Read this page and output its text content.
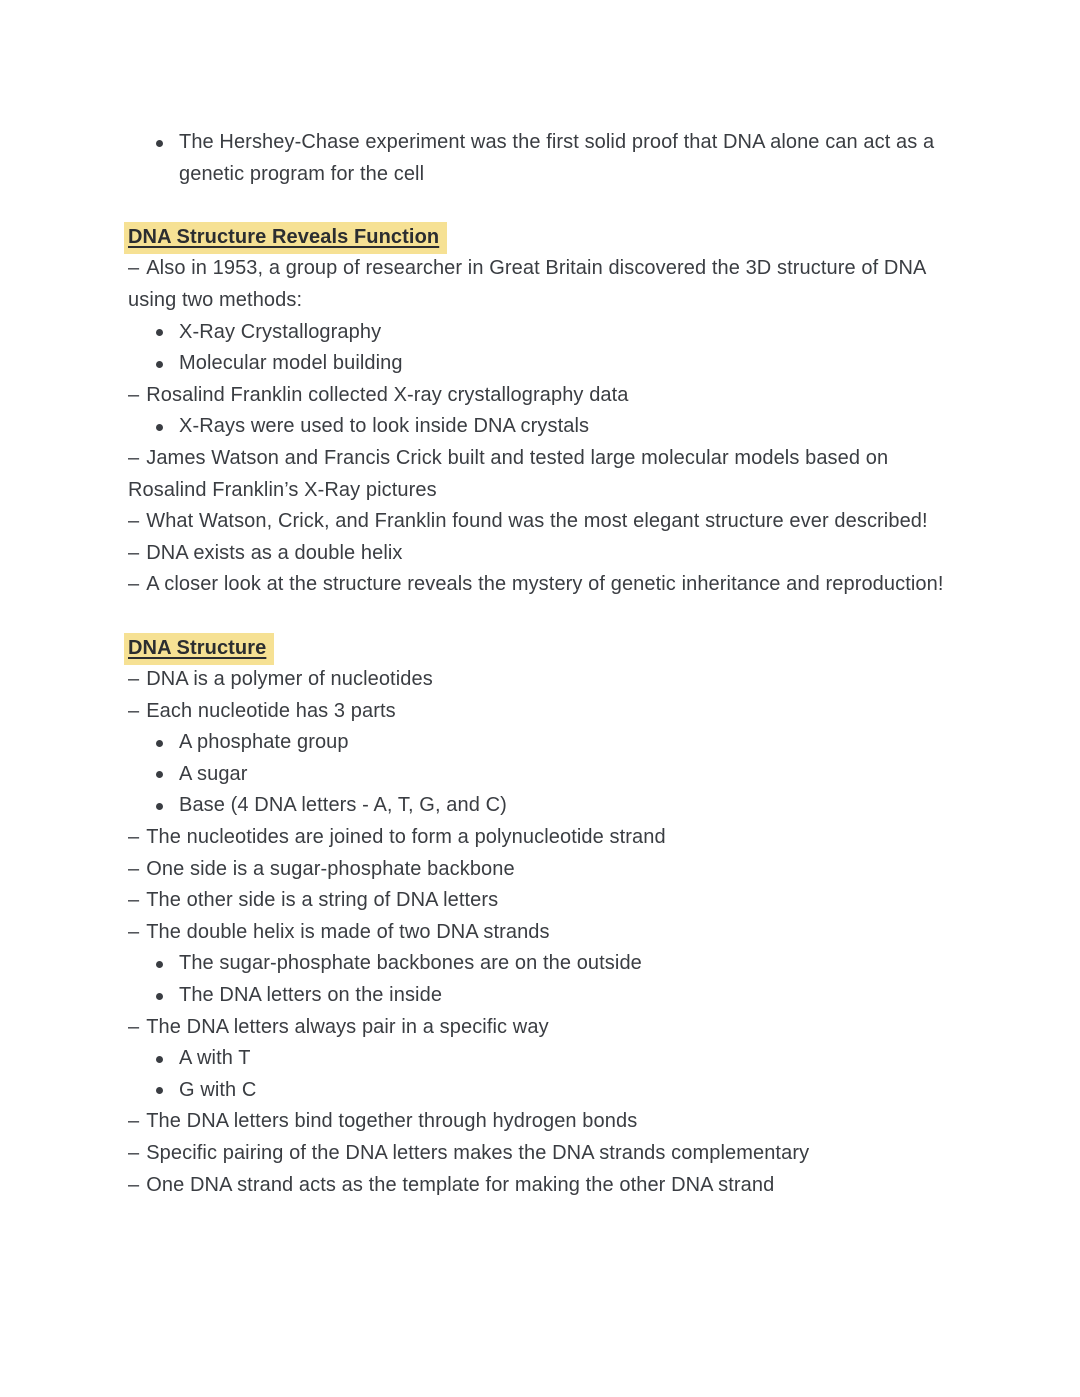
The Hershey-Chase experiment was the first solid proof that DNA alone can act as a genetic program for the cell
DNA Structure Reveals Function
– Also in 1953, a group of researcher in Great Britain discovered the 3D structure of DNA using two methods:
X-Ray Crystallography
Molecular model building
– Rosalind Franklin collected X-ray crystallography data
X-Rays were used to look inside DNA crystals
– James Watson and Francis Crick built and tested large molecular models based on Rosalind Franklin’s X-Ray pictures
– What Watson, Crick, and Franklin found was the most elegant structure ever described!
– DNA exists as a double helix
– A closer look at the structure reveals the mystery of genetic inheritance and reproduction!
DNA Structure
– DNA is a polymer of nucleotides
– Each nucleotide has 3 parts
A phosphate group
A sugar
Base (4 DNA letters - A, T, G, and C)
– The nucleotides are joined to form a polynucleotide strand
– One side is a sugar-phosphate backbone
– The other side is a string of DNA letters
– The double helix is made of two DNA strands
The sugar-phosphate backbones are on the outside
The DNA letters on the inside
– The DNA letters always pair in a specific way
A with T
G with C
– The DNA letters bind together through hydrogen bonds
– Specific pairing of the DNA letters makes the DNA strands complementary
– One DNA strand acts as the template for making the other DNA strand
